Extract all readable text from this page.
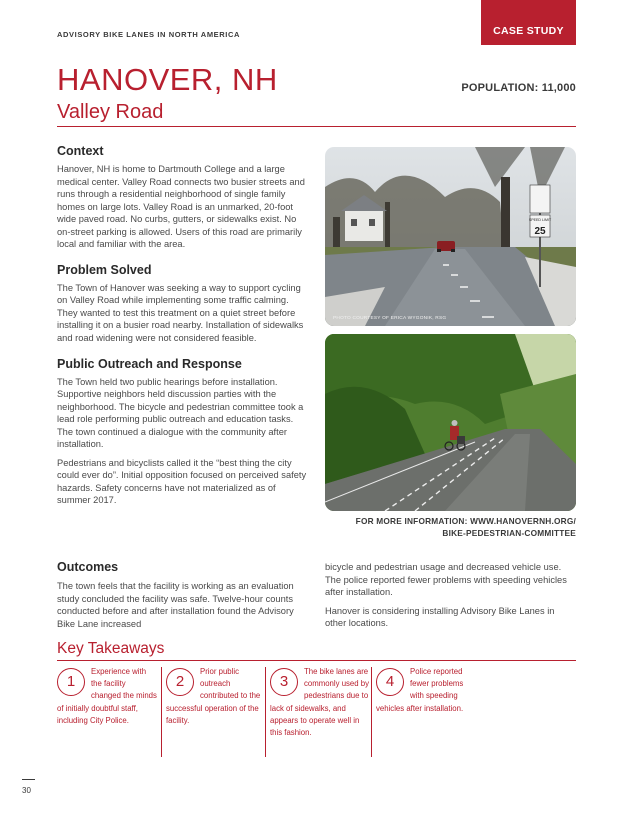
ADVISORY BIKE LANES IN NORTH AMERICA	CASE STUDY
HANOVER, NH	POPULATION: 11,000
Valley Road
Context

Hanover, NH is home to Dartmouth College and a large medical center. Valley Road connects two busier streets and runs through a residential neighborhood of single family homes on large lots. Valley Road is an unmarked, 20-foot wide paved road. No curbs, gutters, or sidewalks exist. No on-street parking is allowed. Users of this road are primarily local and familiar with the area.

Problem Solved

The Town of Hanover was seeking a way to support cycling on Valley Road while implementing some traffic calming. They wanted to test this treatment on a quiet street before installing it on a busier road nearby. Installation of sidewalks and road widening were not considered feasible.

Public Outreach and Response

The Town held two public hearings before installation. Supportive neighbors held discussion parties with the neighborhood. The bicycle and pedestrian committee took a lead role performing public outreach and education tasks. The town continued a dialogue with the community after installation.

Pedestrians and bicyclists called it the “best thing the city could ever do”. Initial opposition focused on perceived safety hazards. Safety concerns have not materialized as of summer 2017.

SPEED LIMIT
25
PHOTO COURTESY OF ERICA WYGONIK, RSG
FOR MORE INFORMATION: WWW.HANOVERNH.ORG/
BIKE-PEDESTRIAN-COMMITTEE
Outcomes

The town feels that the facility is working as an evaluation study concluded the facility was safe. Twelve-hour counts conducted before and after installation found the Advisory Bike Lane increased

bicycle and pedestrian usage and decreased vehicle use. The police reported fewer problems with speeding vehicles after installation.

Hanover is considering installing Advisory Bike Lanes in other locations.

Key Takeaways
1
Experience with the facility changed the minds of initially doubtful staff, including City Police.
2
Prior public outreach contributed to the successful operation of the facility.
3
The bike lanes are commonly used by pedestrians due to lack of sidewalks, and appears to operate well in this fashion.
4
Police reported fewer problems with speeding vehicles after installation.
30
